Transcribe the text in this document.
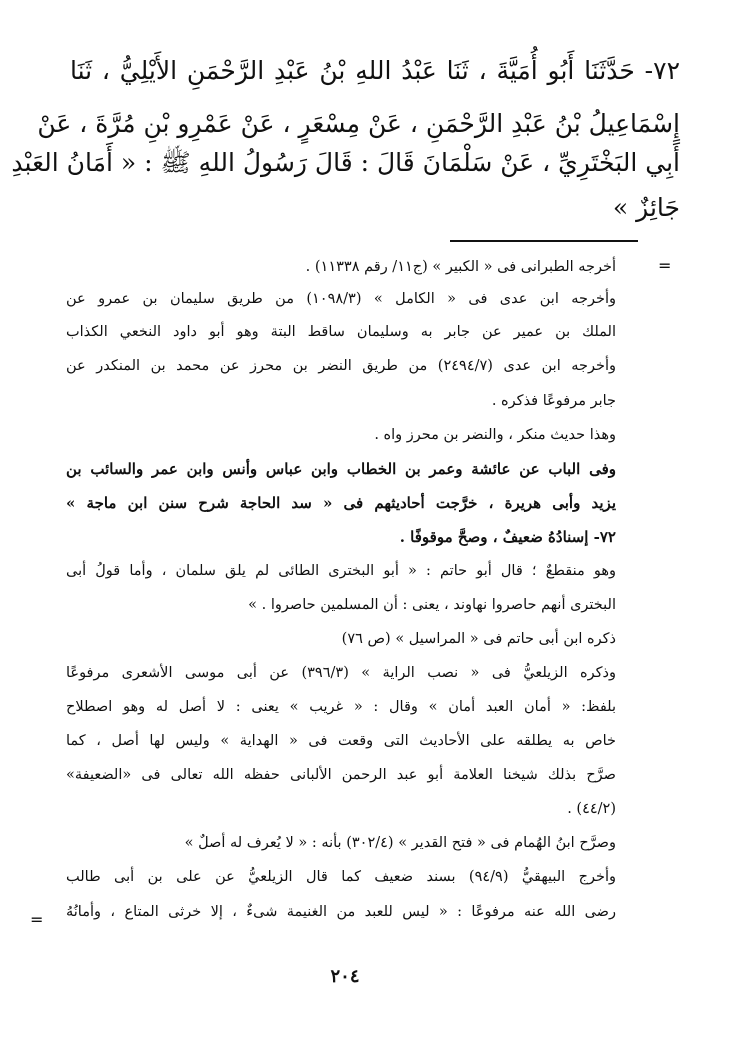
٧٢- حَدَّثَنَا أَبُو أُمَيَّةَ ، ثَنَا عَبْدُ اللهِ بْنُ عَبْدِ الرَّحْمَنِ الأَيْلِيُّ ، ثَنَا
إِسْمَاعِيلُ بْنُ عَبْدِ الرَّحْمَنِ ، عَنْ مِسْعَرٍ ، عَنْ عَمْرِو بْنِ مُرَّةَ ، عَنْ
أَبِي البَخْتَرِيِّ ، عَنْ سَلْمَانَ قَالَ : قَالَ رَسُولُ اللهِ ﷺ : « أَمَانُ العَبْدِ
جَائِزٌ »
=
=
أخرجه الطبرانى فى « الكبير » (ج١١/ رقم ١١٣٣٨) .
وأخرجه ابن عدى فى « الكامل » (١٠٩٨/٣) من طريق سليمان بن عمرو عن
الملك بن عمير عن جابر به وسليمان ساقط البتة وهو أبو داود النخعي الكذاب
وأخرجه ابن عدى (٢٤٩٤/٧) من طريق النضر بن محرز عن محمد بن المنكدر عن
جابر مرفوعًا فذكره .
وهذا حديث منكر ، والنضر بن محرز واه .
وفى الباب عن عائشة وعمر بن الخطاب وابن عباس وأنس وابن عمر والسائب بن
يزيد وأبى هريرة ، خرَّجت أحاديثهم فى « سد الحاجة شرح سنن ابن ماجة »
٧٢- إسنادُهُ ضعيفٌ ، وصحَّ موقوفًا .
وهو منقطعٌ ؛ قال أبو حاتم : « أبو البخترى الطائى لم يلق سلمان ، وأما قولُ أبى
البخترى أنهم حاصروا نهاوند ، يعنى : أن المسلمين حاصروا . »
ذكره ابن أبى حاتم فى « المراسيل » (ص ٧٦)
وذكره الزيلعيُّ فى « نصب الراية » (٣٩٦/٣) عن أبى موسى الأشعرى مرفوعًا
بلفظ: « أمان العبد أمان » وقال : « غريب » يعنى : لا أصل له وهو اصطلاح
خاص به يطلقه على الأحاديث التى وقعت فى « الهداية » وليس لها أصل ، كما
صرَّح بذلك شيخنا العلامة أبو عبد الرحمن الألبانى حفظه الله تعالى فى «الضعيفة»
(٤٤/٢) .
وصرَّح ابنُ الهُمام فى « فتح القدير » (٣٠٢/٤) بأنه : « لا يُعرف له أصلٌ »
وأخرج البيهقيُّ (٩٤/٩) بسند ضعيف كما قال الزيلعيُّ عن على بن أبى طالب
رضى الله عنه مرفوعًا : « ليس للعبد من الغنيمة شىءٌ ، إلا خرثى المتاع ، وأمانُهُ
٢٠٤
